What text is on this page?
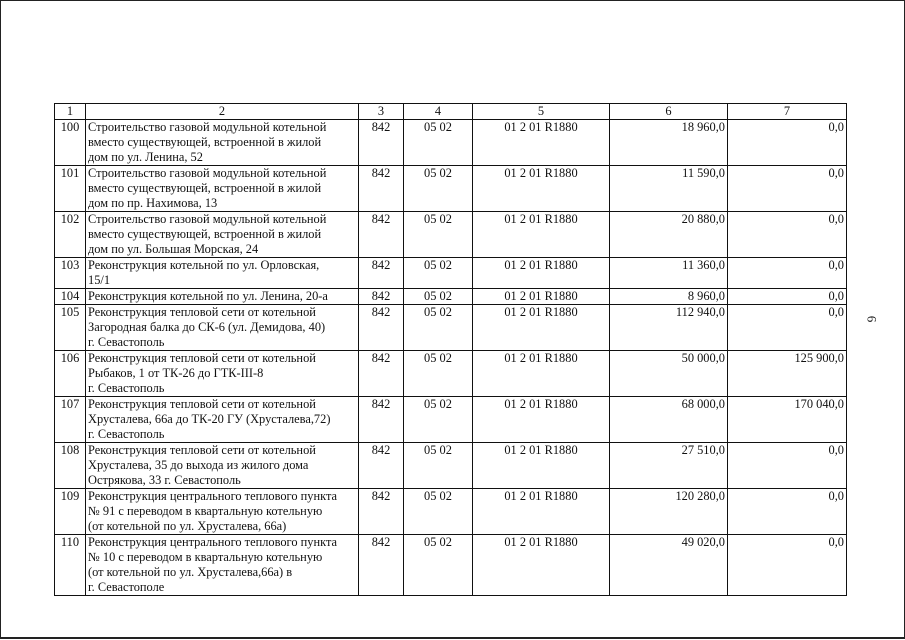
1	2	3	4	5	6	7
100	Строительство газовой модульной котельной
вместо существующей, встроенной в жилой
дом по ул. Ленина, 52	842	05 02	01 2 01 R1880	18 960,0	0,0
101	Строительство газовой модульной котельной
вместо существующей, встроенной в жилой
дом по пр. Нахимова, 13	842	05 02	01 2 01 R1880	11 590,0	0,0
102	Строительство газовой модульной котельной
вместо существующей, встроенной в жилой
дом по ул. Большая Морская, 24	842	05 02	01 2 01 R1880	20 880,0	0,0
103	Реконструкция котельной по ул. Орловская,
15/1	842	05 02	01 2 01 R1880	11 360,0	0,0
104	Реконструкция котельной по ул. Ленина, 20-а	842	05 02	01 2 01 R1880	8 960,0	0,0
105	Реконструкция тепловой сети от котельной
Загородная балка до СК-6 (ул. Демидова, 40)
г. Севастополь	842	05 02	01 2 01 R1880	112 940,0	0,0
106	Реконструкция тепловой сети от котельной
Рыбаков, 1 от ТК-26 до ГТК-III-8
г. Севастополь	842	05 02	01 2 01 R1880	50 000,0	125 900,0
107	Реконструкция тепловой сети от котельной
Хрусталева, 66а до ТК-20 ГУ (Хрусталева,72)
г. Севастополь	842	05 02	01 2 01 R1880	68 000,0	170 040,0
108	Реконструкция тепловой сети от котельной
Хрусталева, 35 до выхода из жилого дома
Острякова, 33 г. Севастополь	842	05 02	01 2 01 R1880	27 510,0	0,0
109	Реконструкция центрального теплового пункта
№ 91 с переводом в квартальную котельную
(от котельной по ул. Хрусталева, 66а)	842	05 02	01 2 01 R1880	120 280,0	0,0
110	Реконструкция центрального теплового пункта
№ 10 с переводом в квартальную котельную
(от котельной по ул. Хрусталева,66а) в
г. Севастополе	842	05 02	01 2 01 R1880	49 020,0	0,0
6
